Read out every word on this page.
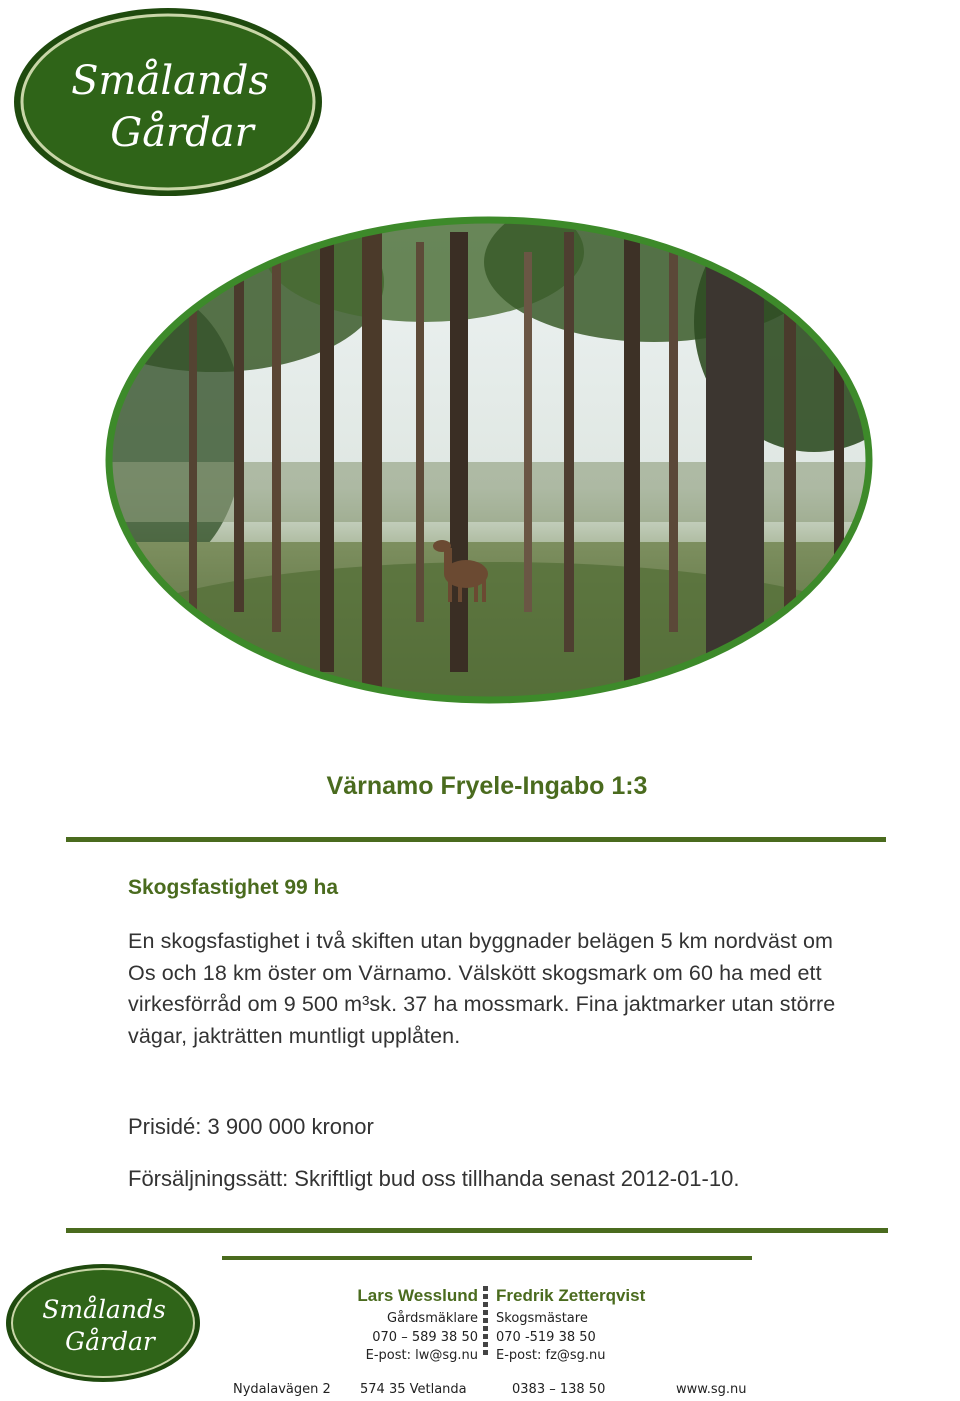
Smålands
Gårdar
Värnamo Fryele-Ingabo 1:3
Skogsfastighet 99 ha
En skogsfastighet i två skiften utan byggnader belägen 5 km nordväst om
Os och 18 km öster om Värnamo. Välskött skogsmark om 60 ha med ett
virkesförråd om 9 500 m³sk. 37 ha mossmark. Fina jaktmarker utan större
vägar, jakträtten muntligt upplåten.
Prisidé: 3 900 000 kronor
Försäljningssätt: Skriftligt bud oss tillhanda senast 2012-01-10.
Smålands
Gårdar
Lars Wesslund
Gårdsmäklare
070 – 589 38 50
E-post: lw@sg.nu
Fredrik Zetterqvist
Skogsmästare
070 -519 38 50
E-post: fz@sg.nu
Nydalavägen 2 574 35 Vetlanda	0383 – 138 50	www.sg.nu
